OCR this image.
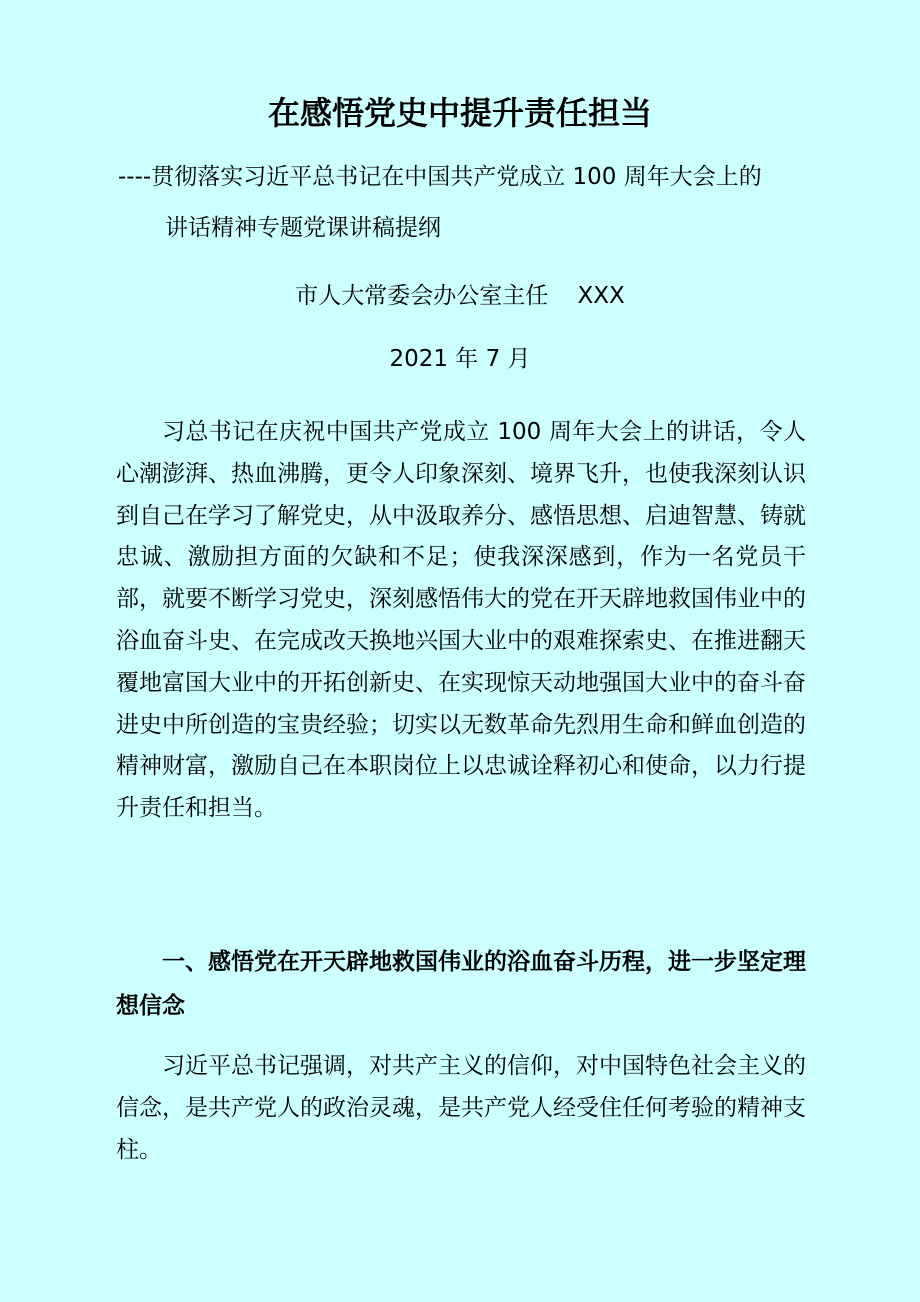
在感悟党史中提升责任担当

----贯彻落实习近平总书记在中国共产党成立 100 周年大会上的

讲话精神专题党课讲稿提纲

市人大常委会办公室主任    XXX

2021 年 7 月

习总书记在庆祝中国共产党成立 100 周年大会上的讲话，令人心潮澎湃、热血沸腾，更令人印象深刻、境界飞升，也使我深刻认识到自己在学习了解党史，从中汲取养分、感悟思想、启迪智慧、铸就忠诚、激励担方面的欠缺和不足；使我深深感到，作为一名党员干部，就要不断学习党史，深刻感悟伟大的党在开天辟地救国伟业中的浴血奋斗史、在完成改天换地兴国大业中的艰难探索史、在推进翻天覆地富国大业中的开拓创新史、在实现惊天动地强国大业中的奋斗奋进史中所创造的宝贵经验；切实以无数革命先烈用生命和鲜血创造的精神财富，激励自己在本职岗位上以忠诚诠释初心和使命，以力行提升责任和担当。

一、感悟党在开天辟地救国伟业的浴血奋斗历程，进一步坚定理想信念

习近平总书记强调，对共产主义的信仰，对中国特色社会主义的信念，是共产党人的政治灵魂，是共产党人经受住任何考验的精神支柱。
